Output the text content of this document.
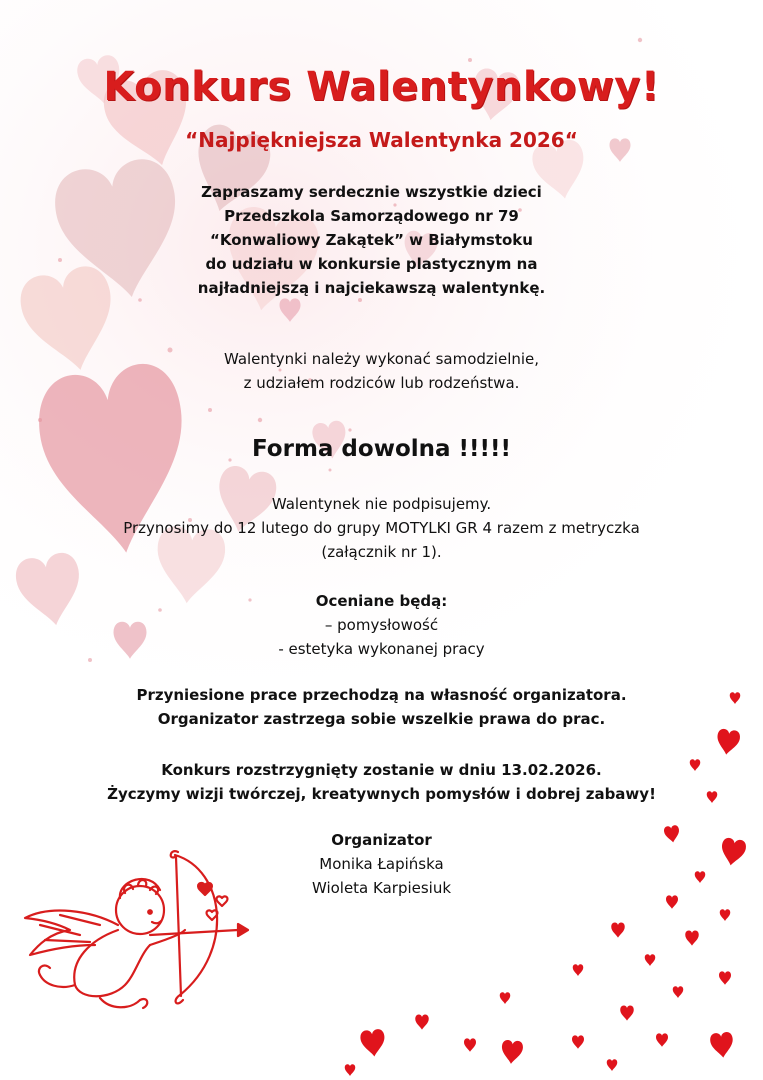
Konkurs Walentynkowy!
“Najpiękniejsza Walentynka 2026“
Zapraszamy serdecznie wszystkie dzieci
Przedszkola Samorządowego nr 79
“Konwaliowy Zakątek” w Białymstoku
do udziału w konkursie plastycznym na
najładniejszą i najciekawszą walentynkę.
Walentynki należy wykonać samodzielnie,
z udziałem rodziców lub rodzeństwa.
Forma dowolna !!!!!
Walentynek nie podpisujemy.
Przynosimy do 12 lutego do grupy MOTYLKI GR 4 razem z metryczka
(załącznik nr 1).
Oceniane będą:
– pomysłowość
- estetyka wykonanej pracy
Przyniesione prace przechodzą na własność organizatora.
Organizator zastrzega sobie wszelkie prawa do prac.
Konkurs rozstrzygnięty zostanie w dniu 13.02.2026.
Życzymy wizji twórczej, kreatywnych pomysłów i dobrej zabawy!
Organizator
Monika Łapińska
Wioleta Karpiesiuk
